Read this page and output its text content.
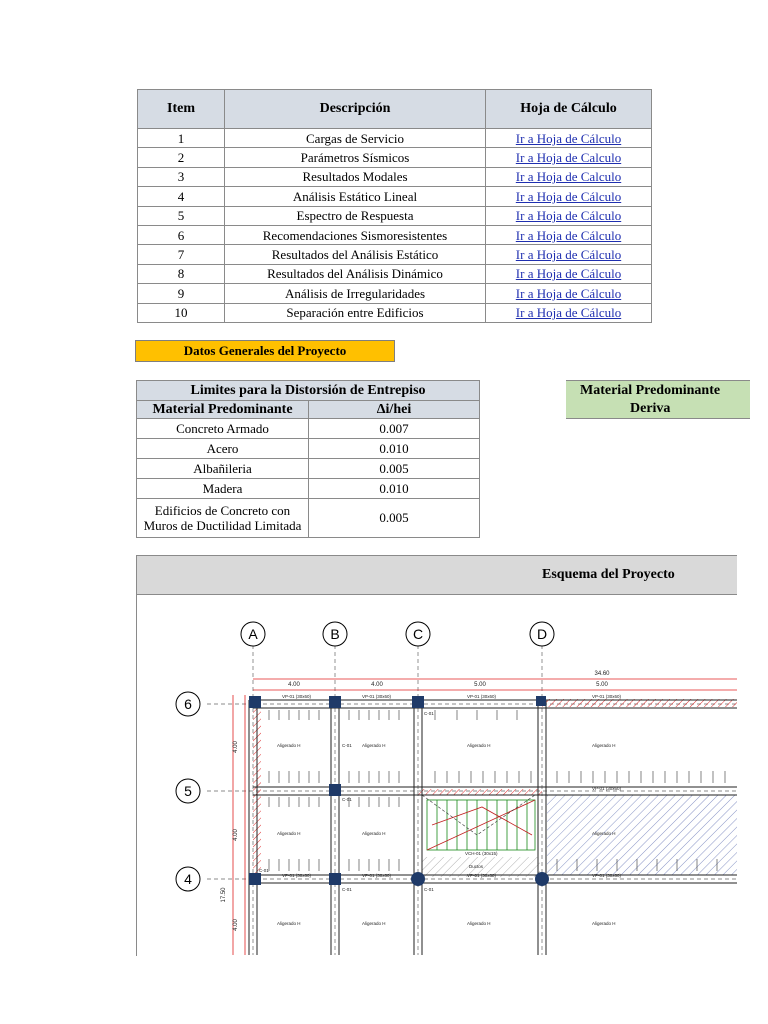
Item	Descripción	Hoja de Cálculo
1	Cargas de Servicio	Ir a Hoja de Cálculo
2	Parámetros Sísmicos	Ir a Hoja de Calculo
3	Resultados Modales	Ir a Hoja de Calculo
4	Análisis Estático Lineal	Ir a Hoja de Cálculo
5	Espectro de Respuesta	Ir a Hoja de Cálculo
6	Recomendaciones Sismoresistentes	Ir a Hoja de Cálculo
7	Resultados del Análisis Estático	Ir a Hoja de Cálculo
8	Resultados del Análisis Dinámico	Ir a Hoja de Cálculo
9	Análisis de Irregularidades	Ir a Hoja de Cálculo
10	Separación entre Edificios	Ir a Hoja de Cálculo
Datos Generales del Proyecto
Limites para la Distorsión de Entrepiso	
Material Predominante	Δi/hei
Concreto Armado	0.007
Acero	0.010
Albañileria	0.005
Madera	0.010
Edificios de Concreto con Muros de Ductilidad Limitada	0.005
Material Predominante
Deriva
Esquema del Proyecto
A	B	C	D
6
5
4
34.60
4.00	4.00	5.00	5.00
4.00
4.00
4.00
17.50
VP-01 (30x60)	VP-01 (30x60)	VP-01 (30x60)	VP-01 (30x60)
VP-01 (30x60)	VP-01 (30x60)	VP-01 (30x60)	VP-01 (30x60)
VP-01 (30x60)
Aligerado H	Aligerado H	Aligerado H	Aligerado H
Aligerado H	Aligerado H	Aligerado H
Aligerado H	Aligerado H	Aligerado H	Aligerado H
C-01
C-01
C-01
C-01	C-01
C-01
VCH-01 (30x15)
Ductos
